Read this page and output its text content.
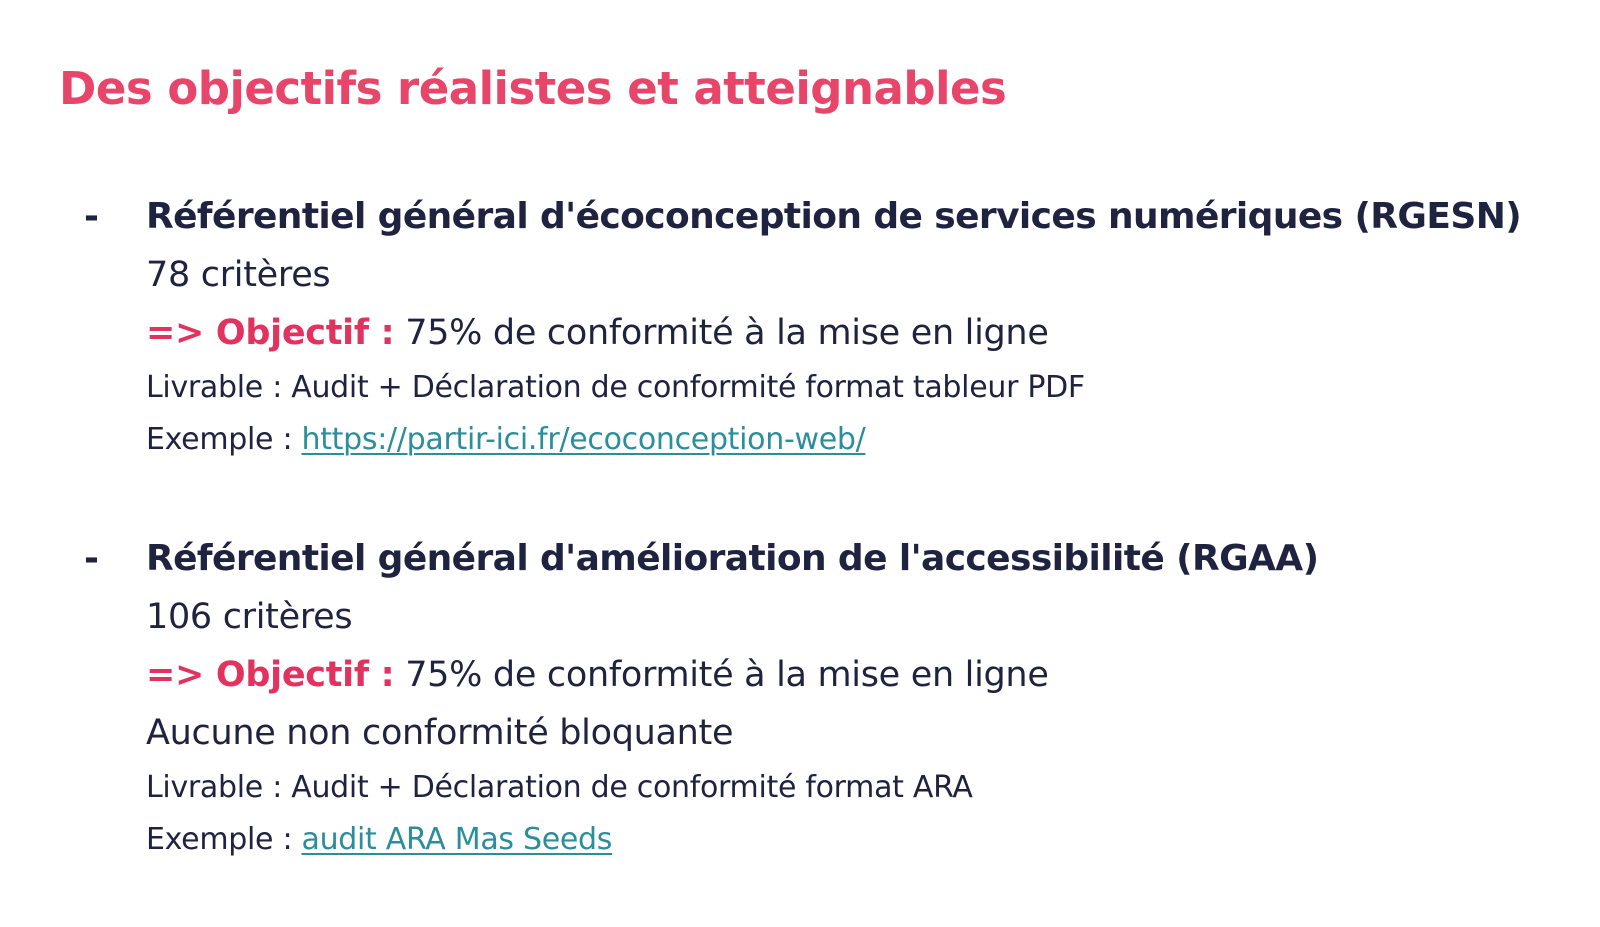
Des objectifs réalistes et atteignables
-	Référentiel général d'écoconception de services numériques (RGESN)
78 critères
=> Objectif : 75% de conformité à la mise en ligne
Livrable : Audit + Déclaration de conformité format tableur PDF
Exemple : https://partir-ici.fr/ecoconception-web/
-	Référentiel général d'amélioration de l'accessibilité (RGAA)
106 critères
=> Objectif : 75% de conformité à la mise en ligne
Aucune non conformité bloquante
Livrable : Audit + Déclaration de conformité format ARA
Exemple : audit ARA Mas Seeds
